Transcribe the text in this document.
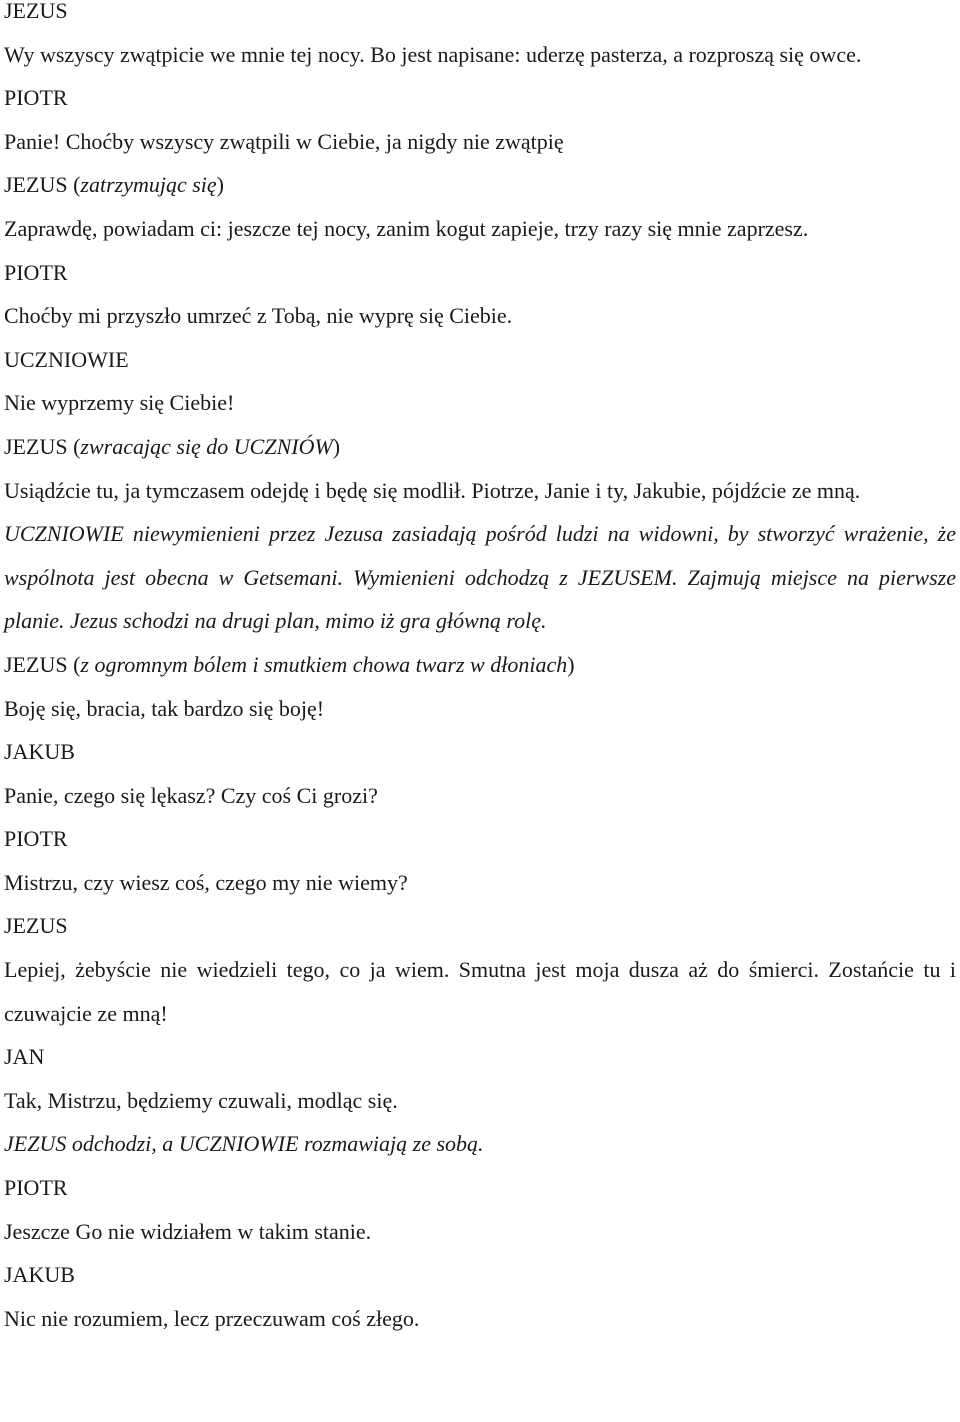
JEZUS

Wy wszyscy zwątpicie we mnie tej nocy. Bo jest napisane: uderzę pasterza, a rozproszą się owce.

PIOTR

Panie! Choćby wszyscy zwątpili w Ciebie, ja nigdy nie zwątpię

JEZUS (zatrzymując się)

Zaprawdę, powiadam ci: jeszcze tej nocy, zanim kogut zapieje, trzy razy się mnie zaprzesz.

PIOTR

Choćby mi przyszło umrzeć z Tobą, nie wyprę się Ciebie.

UCZNIOWIE

Nie wyprzemy się Ciebie!

JEZUS (zwracając się do UCZNIÓW)

Usiądźcie tu, ja tymczasem odejdę i będę się modlił. Piotrze, Janie i ty, Jakubie, pójdźcie ze mną.

UCZNIOWIE niewymienieni przez Jezusa zasiadają pośród ludzi na widowni, by stworzyć wrażenie, że wspólnota jest obecna w Getsemani. Wymienieni odchodzą z JEZUSEM. Zajmują miejsce na pierwsze planie. Jezus schodzi na drugi plan, mimo iż gra główną rolę.

JEZUS (z ogromnym bólem i smutkiem chowa twarz w dłoniach)

Boję się, bracia, tak bardzo się boję!

JAKUB

Panie, czego się lękasz? Czy coś Ci grozi?

PIOTR

Mistrzu, czy wiesz coś, czego my nie wiemy?

JEZUS

Lepiej, żebyście nie wiedzieli tego, co ja wiem. Smutna jest moja dusza aż do śmierci. Zostańcie tu i czuwajcie ze mną!

JAN

Tak, Mistrzu, będziemy czuwali, modląc się.

JEZUS odchodzi, a UCZNIOWIE rozmawiają ze sobą.

PIOTR

Jeszcze Go nie widziałem w takim stanie.

JAKUB

Nic nie rozumiem, lecz przeczuwam coś złego.
